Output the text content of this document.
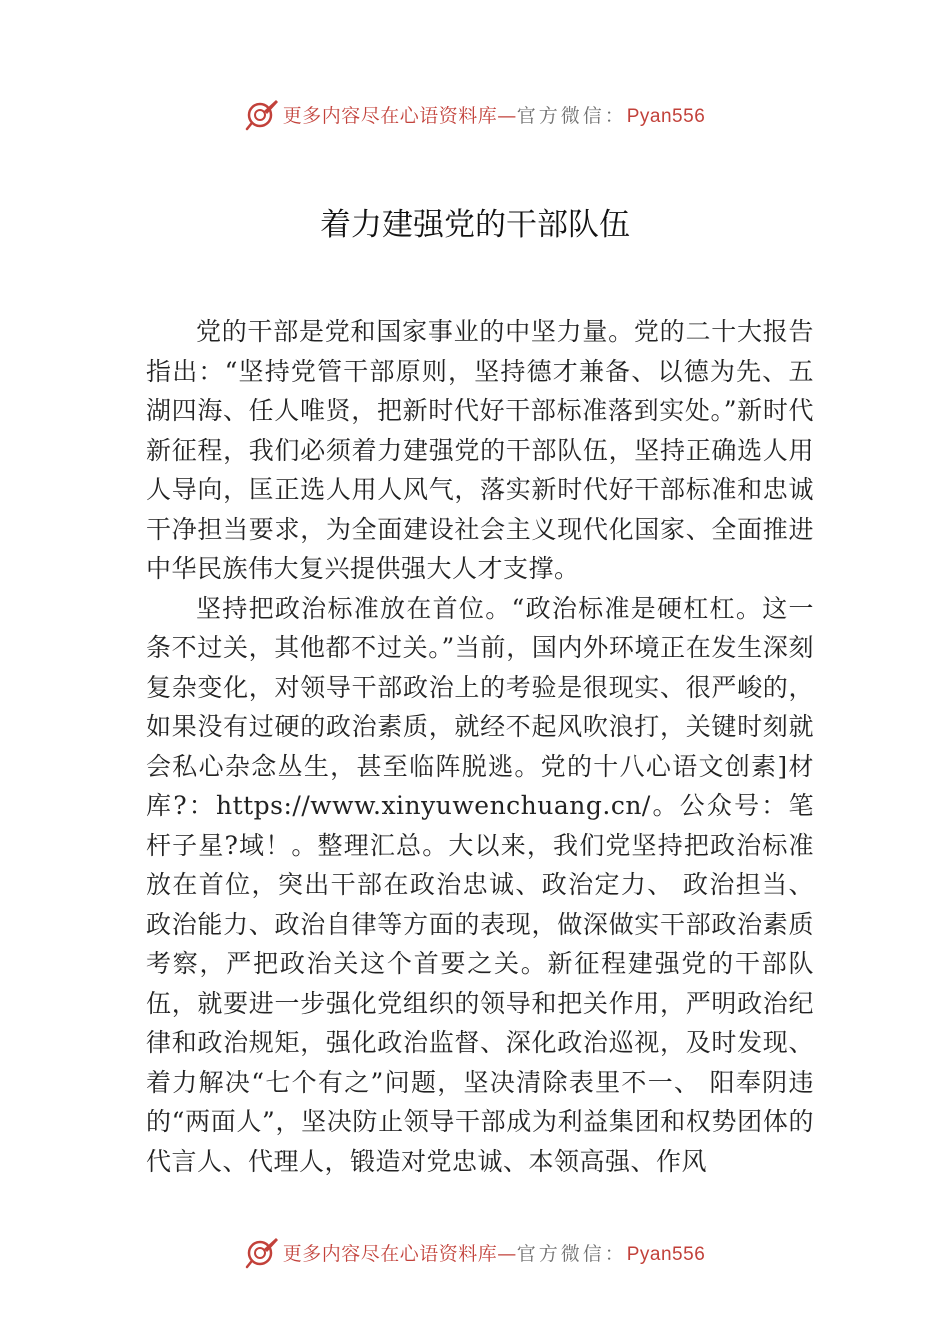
更多内容尽在心语资料库—官方微信：Pyan556
着力建强党的干部队伍

党的干部是党和国家事业的中坚力量。党的二十大报告指出：“坚持党管干部原则，坚持德才兼备、以德为先、五湖四海、任人唯贤，把新时代好干部标准落到实处。”新时代新征程，我们必须着力建强党的干部队伍，坚持正确选人用人导向，匡正选人用人风气，落实新时代好干部标准和忠诚干净担当要求，为全面建设社会主义现代化国家、全面推进中华民族伟大复兴提供强大人才支撑。

坚持把政治标准放在首位。“政治标准是硬杠杠。这一条不过关，其他都不过关。”当前，国内外环境正在发生深刻复杂变化，对领导干部政治上的考验是很现实、很严峻的，如果没有过硬的政治素质，就经不起风吹浪打，关键时刻就会私心杂念丛生，甚至临阵脱逃。党的十八心语文创素]材库?：https://www.xinyuwenchuang.cn/。公众号：笔杆子星?域！。整理汇总。大以来，我们党坚持把政治标准放在首位，突出干部在政治忠诚、政治定力、 政治担当、政治能力、政治自律等方面的表现，做深做实干部政治素质考察，严把政治关这个首要之关。新征程建强党的干部队伍，就要进一步强化党组织的领导和把关作用，严明政治纪律和政治规矩，强化政治监督、深化政治巡视，及时发现、着力解决“七个有之”问题，坚决清除表里不一、 阳奉阴违的“两面人”，坚决防止领导干部成为利益集团和权势团体的代言人、代理人，锻造对党忠诚、本领高强、作风

更多内容尽在心语资料库—官方微信：Pyan556
